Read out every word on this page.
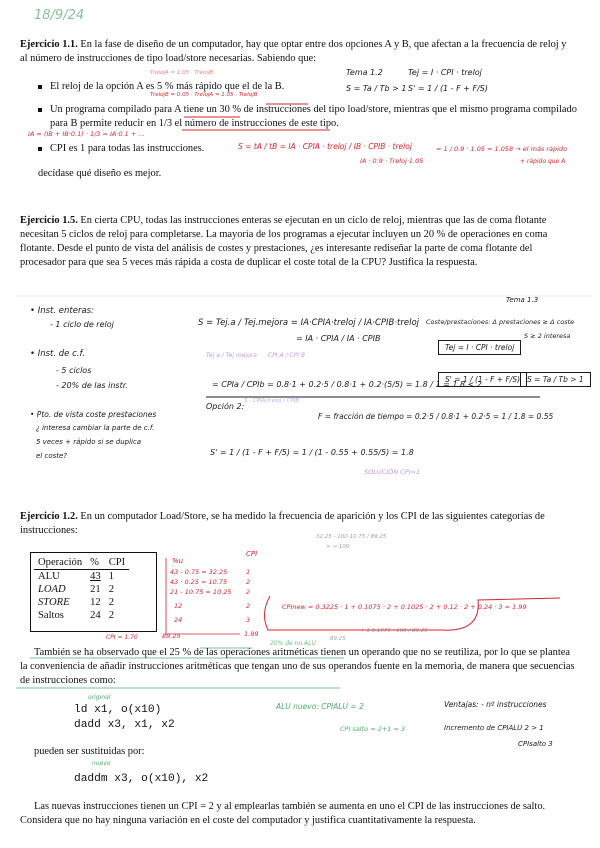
18/9/24
Ejercicio 1.1. En la fase de diseño de un computador, hay que optar entre dos opciones A y B, que afectan a la frecuencia de reloj y al número de instrucciones de tipo load/store necesarias. Sabiendo que:
El reloj de la opción A es 5 % más rápido que el de la B.
Un programa compilado para A tiene un 30 % de instrucciones del tipo load/store, mientras que el mismo programa compilado para B permite reducir en 1/3 el número de instrucciones de este tipo.
CPI es 1 para todas las instrucciones.
decídase qué diseño es mejor.
Tema 1.2	Tej = I · CPI · treloj
S = Ta / Tb > 1 S' = 1 / (1 - F + F/S)
TrelojA = 1.05 · TrelojB
TrelojB = 0.05 · TrelojA = 1.05 · TrelojB
IA = (IB + IB·0.1) · 1/3 = IA·0.1 + ...
S = tA / tB = IA · CPIA · treloj / IB · CPIB · treloj
IA · 0.9 · Treloj·1.05
= 1 / 0.9 · 1.05 = 1.058 → el más rápido
+ rápido que A
Ejercicio 1.5. En cierta CPU, todas las instrucciones enteras se ejecutan en un ciclo de reloj, mientras que las de coma flotante necesitan 5 ciclos de reloj para completarse. La mayoría de los programas a ejecutar incluyen un 20 % de operaciones en coma flotante. Desde el punto de vista del análisis de costes y prestaciones, ¿es interesante rediseñar la parte de coma flotante del procesador para que sea 5 veces más rápida a costa de duplicar el coste total de la CPU? Justifica la respuesta.
• Inst. enteras:
- 1 ciclo de reloj
• Inst. de c.f.
- 5 ciclos
- 20% de las instr.
• Pto. de vista coste prestaciones
¿ interesa cambiar la parte de c.f.
5 veces + rápido si se duplica
el coste?
S = Tej.a / Tej.mejora = IA·CPIA·treloj / IA·CPIB·treloj
= IA · CPIA / IA · CPIB
CPI A / CPI B
Tej a / Tej mejora
= CPIa / CPIb = 0.8·1 + 0.2·5 / 0.8·1 + 0.2·(5/5) = 1.8 / 1 = 1.8 < 2
S · CPIA·treloj / CPIB
Tema 1.3
Coste/prestaciones: Δ prestaciones ≥ Δ coste
S ≥ 2 interesa
Tej = I · CPI · treloj
S' = 1 / (1 - F + F/S) S = Ta / Tb > 1
Opción 2:
F = fracción de tiempo = 0.2·5 / 0.8·1 + 0.2·5 = 1 / 1.8 = 0.55
S' = 1 / (1 - F + F/5) = 1 / (1 - 0.55 + 0.55/5) = 1.8
SOLUCIÓN CPI=1
Ejercicio 1.2. En un computador Load/Store, se ha medido la frecuencia de aparición y los CPI de las siguientes categorías de instrucciones:
Operación	%	CPI
ALU	43	1
LOAD	21	2
STORE	12	2
Saltos	24	2
%u
CPI
43 - 0.75 = 32.25
43 · 0.25 = 10.75
21 - 10.75 = 10.25
12
24
1
2
2
2
3
CPI = 1.70	89.25	1.99
CPInew = 0.3225 · 1 + 0.1075 · 2 + 0.1025 · 2 + 0.12 · 2 + 0.24 · 3 = 1.99
20% de no ALU
32.25 - 100·10.75 / 89.25
× → 100
+ 1.0.1075 · 100 / 89.25
89.25
También se ha observado que el 25 % de las operaciones aritméticas tienen un operando que no se reutiliza, por lo que se plantea la conveniencia de añadir instrucciones aritméticas que tengan uno de sus operandos fuente en la memoria, de manera que secuencias de instrucciones como:
original
ld x1, o(x10)
dadd x3, x1, x2
pueden ser sustituidas por:
nuevo
daddm x3, o(x10), x2
ALU nuevo: CPIALU = 2
CPI salto = 2+1 = 3
Ventajas: - nº instrucciones
Incremento de CPIALU 2 > 1
CPIsalto 3
Las nuevas instrucciones tienen un CPI = 2 y al emplearlas también se aumenta en uno el CPI de las instrucciones de salto. Considera que no hay ninguna variación en el coste del computador y justifica cuantitativamente la respuesta.
